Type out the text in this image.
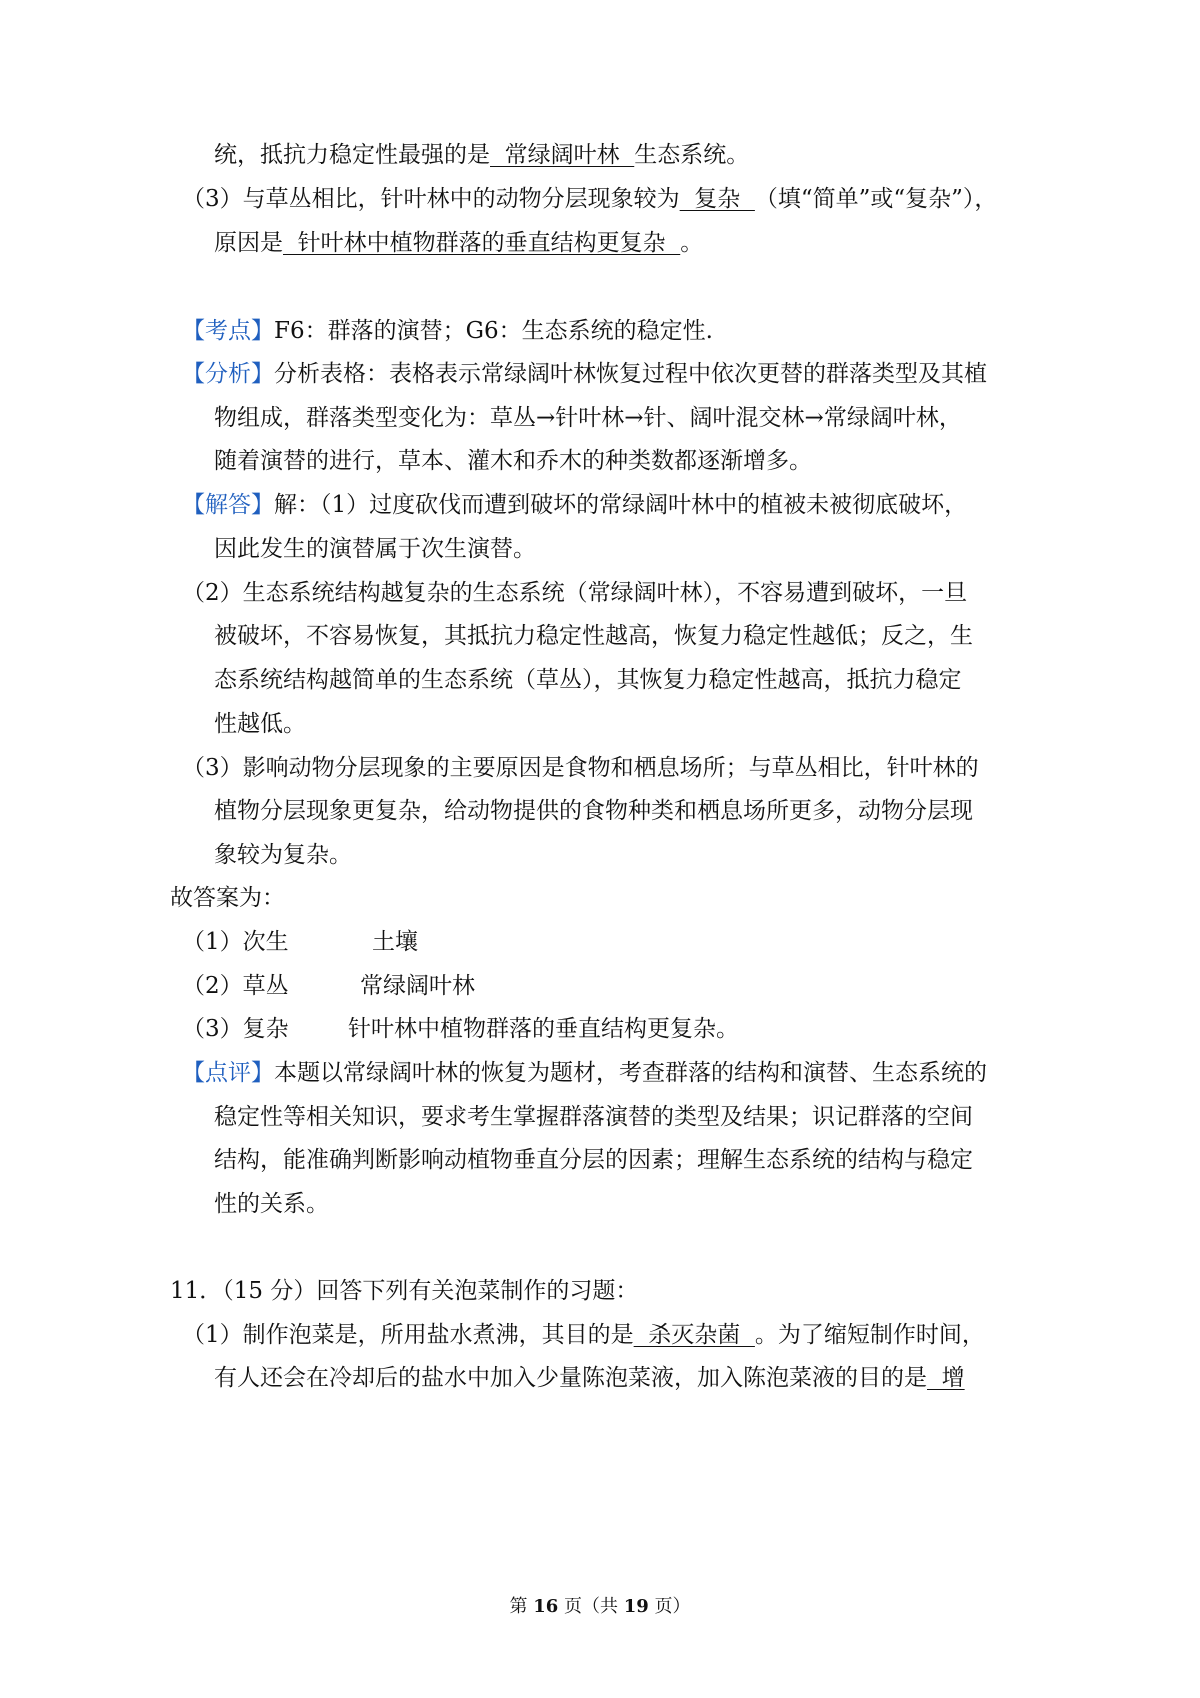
统，抵抗力稳定性最强的是  常绿阔叶林  生态系统。
（3）与草丛相比，针叶林中的动物分层现象较为  复杂  （填“简单”或“复杂”），
原因是  针叶林中植物群落的垂直结构更复杂  。
【考点】F6：群落的演替；G6：生态系统的稳定性.
【分析】分析表格：表格表示常绿阔叶林恢复过程中依次更替的群落类型及其植
物组成，群落类型变化为：草丛→针叶林→针、阔叶混交林→常绿阔叶林，
随着演替的进行，草本、灌木和乔木的种类数都逐渐增多。
【解答】解：（1）过度砍伐而遭到破坏的常绿阔叶林中的植被未被彻底破坏，
因此发生的演替属于次生演替。
（2）生态系统结构越复杂的生态系统（常绿阔叶林），不容易遭到破坏，一旦
被破坏，不容易恢复，其抵抗力稳定性越高，恢复力稳定性越低；反之，生
态系统结构越简单的生态系统（草丛），其恢复力稳定性越高，抵抗力稳定
性越低。
（3）影响动物分层现象的主要原因是食物和栖息场所；与草丛相比，针叶林的
植物分层现象更复杂，给动物提供的食物种类和栖息场所更多，动物分层现
象较为复杂。
故答案为：
（1）次生	土壤
（2）草丛	常绿阔叶林
（3）复杂	针叶林中植物群落的垂直结构更复杂。
【点评】本题以常绿阔叶林的恢复为题材，考查群落的结构和演替、生态系统的
稳定性等相关知识，要求考生掌握群落演替的类型及结果；识记群落的空间
结构，能准确判断影响动植物垂直分层的因素；理解生态系统的结构与稳定
性的关系。
11．（15 分）回答下列有关泡菜制作的习题：
（1）制作泡菜是，所用盐水煮沸，其目的是  杀灭杂菌  。为了缩短制作时间，
有人还会在冷却后的盐水中加入少量陈泡菜液，加入陈泡菜液的目的是  增
第 16 页（共 19 页）
